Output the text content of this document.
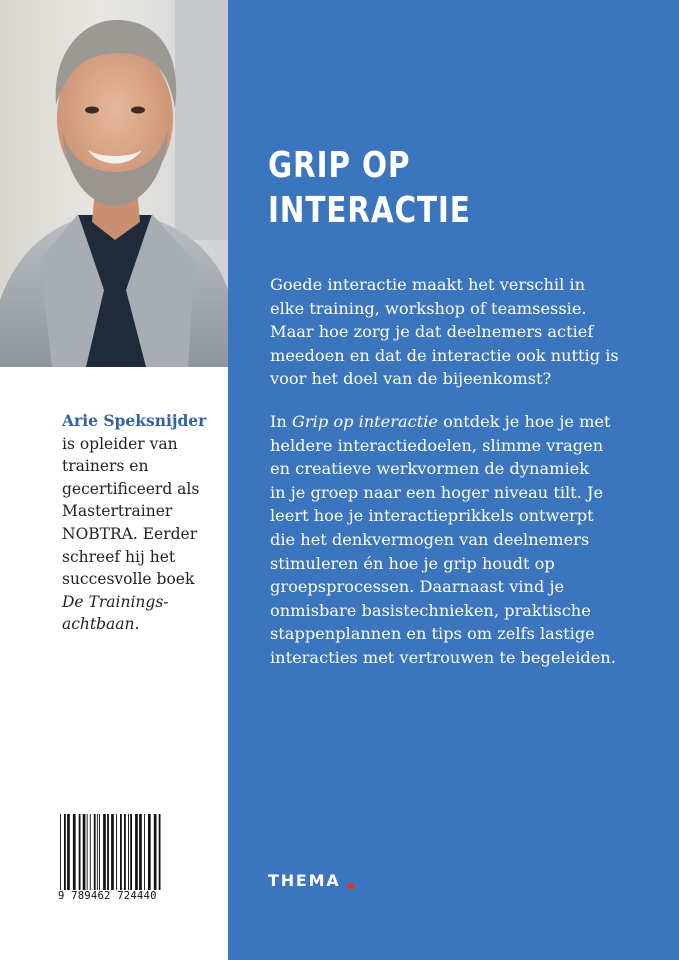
Arie Speksnijder
is opleider van
trainers en
gecertificeerd als
Mastertrainer
NOBTRA. Eerder
schreef hij het
succesvolle boek
De Trainings-
achtbaan.
9 789462 724440
GRIP OP
INTERACTIE
Goede interactie maakt het verschil in
elke training, workshop of teamsessie.
Maar hoe zorg je dat deelnemers actief
meedoen en dat de interactie ook nuttig is
voor het doel van de bijeenkomst?
In Grip op interactie ontdek je hoe je met
heldere interactiedoelen, slimme vragen
en creatieve werkvormen de dynamiek
in je groep naar een hoger niveau tilt. Je
leert hoe je interactieprikkels ontwerpt
die het denkvermogen van deelnemers
stimuleren én hoe je grip houdt op
groepsprocessen. Daarnaast vind je
onmisbare basistechnieken, praktische
stappenplannen en tips om zelfs lastige
interacties met vertrouwen te begeleiden.
THEMA
